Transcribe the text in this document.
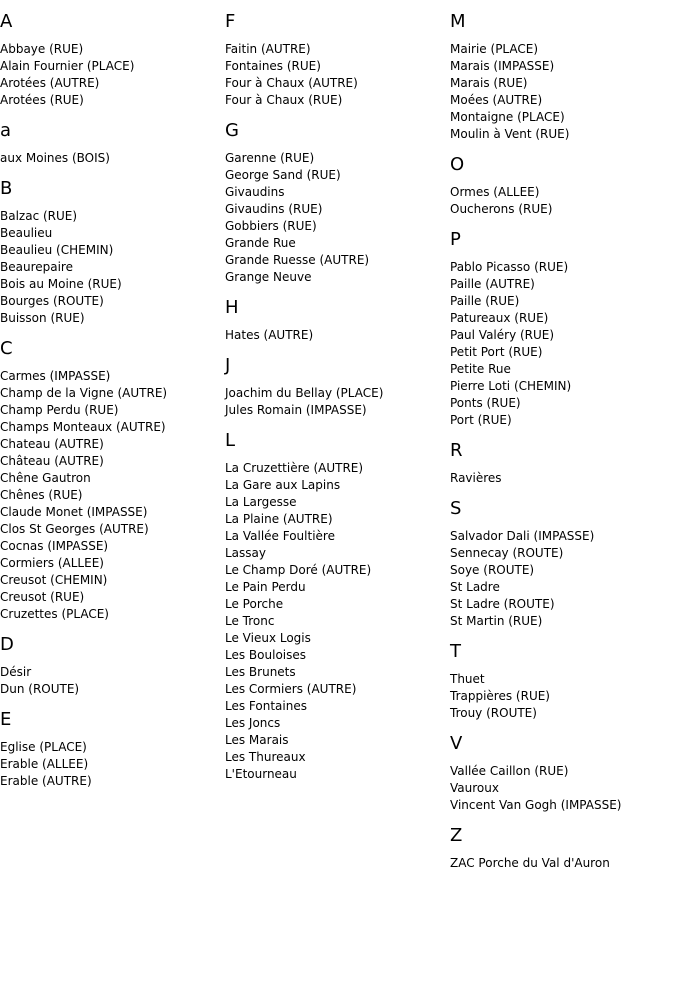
A
Abbaye (RUE)
Alain Fournier (PLACE)
Arotées (AUTRE)
Arotées (RUE)
a
aux Moines (BOIS)
B
Balzac (RUE)
Beaulieu
Beaulieu (CHEMIN)
Beaurepaire
Bois au Moine (RUE)
Bourges (ROUTE)
Buisson (RUE)
C
Carmes (IMPASSE)
Champ de la Vigne (AUTRE)
Champ Perdu (RUE)
Champs Monteaux (AUTRE)
Chateau (AUTRE)
Château (AUTRE)
Chêne Gautron
Chênes (RUE)
Claude Monet (IMPASSE)
Clos St Georges (AUTRE)
Cocnas (IMPASSE)
Cormiers (ALLEE)
Creusot (CHEMIN)
Creusot (RUE)
Cruzettes (PLACE)
D
Désir
Dun (ROUTE)
E
Eglise (PLACE)
Erable (ALLEE)
Erable (AUTRE)
F
Faitin (AUTRE)
Fontaines (RUE)
Four à Chaux (AUTRE)
Four à Chaux (RUE)
G
Garenne (RUE)
George Sand (RUE)
Givaudins
Givaudins (RUE)
Gobbiers (RUE)
Grande Rue
Grande Ruesse (AUTRE)
Grange Neuve
H
Hates (AUTRE)
J
Joachim du Bellay (PLACE)
Jules Romain (IMPASSE)
L
La Cruzettière (AUTRE)
La Gare aux Lapins
La Largesse
La Plaine (AUTRE)
La Vallée Foultière
Lassay
Le Champ Doré (AUTRE)
Le Pain Perdu
Le Porche
Le Tronc
Le Vieux Logis
Les Bouloises
Les Brunets
Les Cormiers (AUTRE)
Les Fontaines
Les Joncs
Les Marais
Les Thureaux
L'Etourneau
M
Mairie (PLACE)
Marais (IMPASSE)
Marais (RUE)
Moées (AUTRE)
Montaigne (PLACE)
Moulin à Vent (RUE)
O
Ormes (ALLEE)
Oucherons (RUE)
P
Pablo Picasso (RUE)
Paille (AUTRE)
Paille (RUE)
Patureaux (RUE)
Paul Valéry (RUE)
Petit Port (RUE)
Petite Rue
Pierre Loti (CHEMIN)
Ponts (RUE)
Port (RUE)
R
Ravières
S
Salvador Dali (IMPASSE)
Sennecay (ROUTE)
Soye (ROUTE)
St Ladre
St Ladre (ROUTE)
St Martin (RUE)
T
Thuet
Trappières (RUE)
Trouy (ROUTE)
V
Vallée Caillon (RUE)
Vauroux
Vincent Van Gogh (IMPASSE)
Z
ZAC Porche du Val d'Auron
